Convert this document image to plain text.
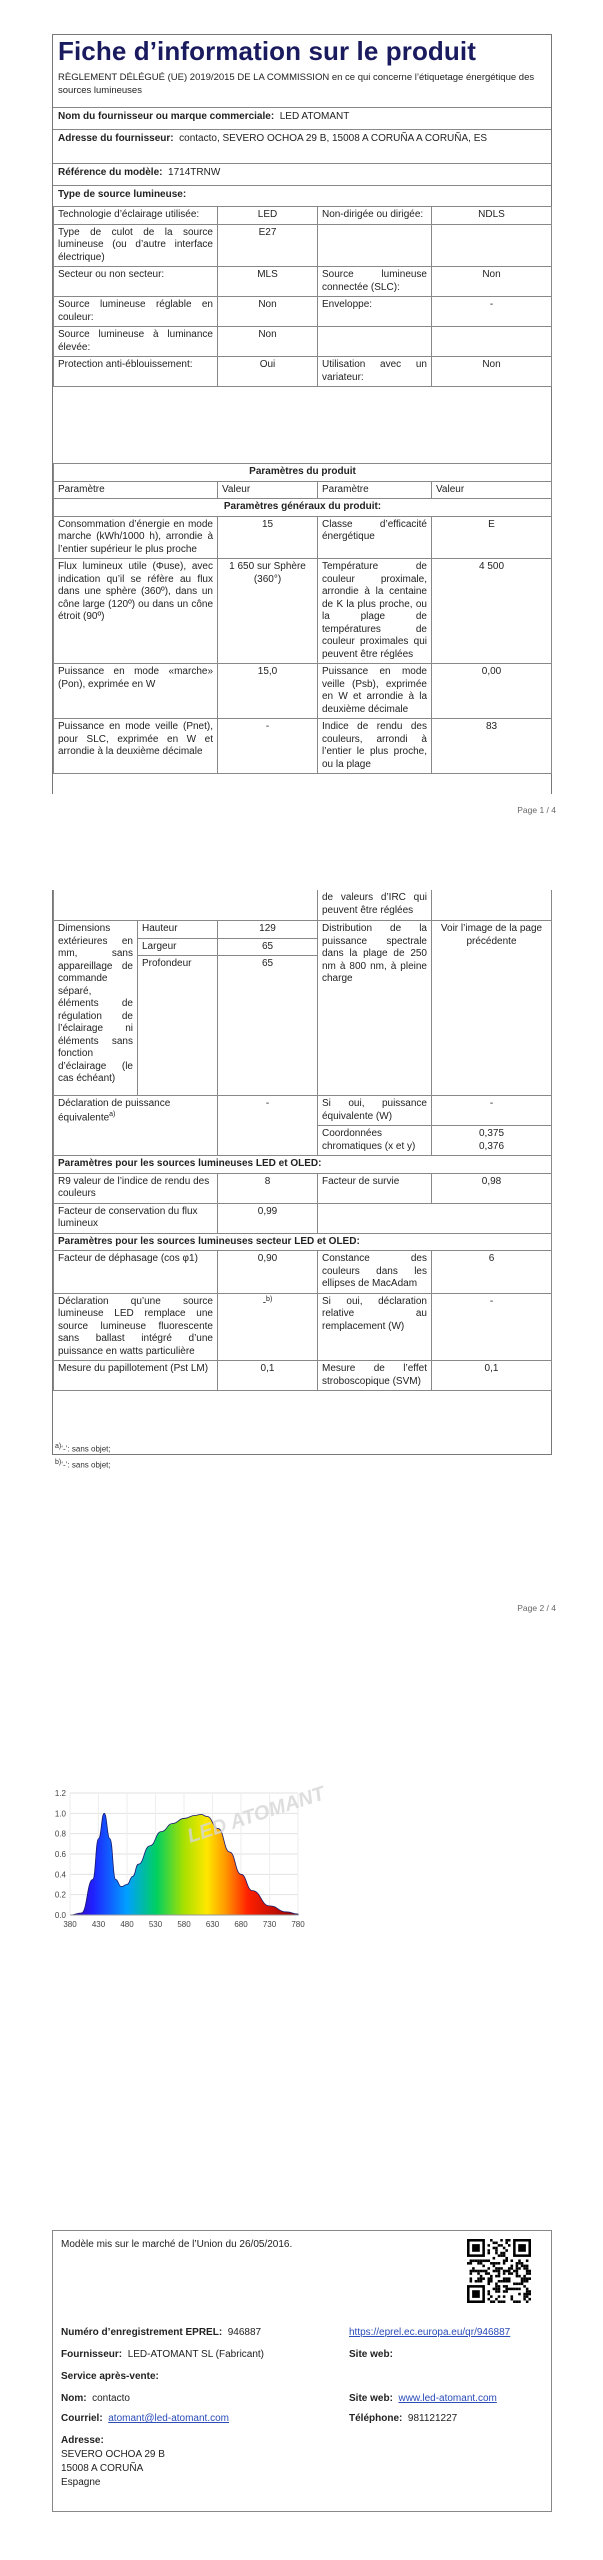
Fiche d’information sur le produit
RÈGLEMENT DÉLÉGUÉ (UE) 2019/2015 DE LA COMMISSION en ce qui concerne l’étiquetage énergétique des sources lumineuses
Nom du fournisseur ou marque commerciale: LED ATOMANT
Adresse du fournisseur: contacto, SEVERO OCHOA 29 B, 15008 A CORUÑA A CORUÑA, ES
Référence du modèle: 1714TRNW
Type de source lumineuse:
Technologie d’éclairage utilisée:	LED	Non-dirigée ou dirigée:	NDLS
Type de culot de la source lumineuse (ou d’autre interface électrique)	E27		
Secteur ou non secteur:	MLS	Source lumineuse connectée (SLC):	Non
Source lumineuse réglable en couleur:	Non	Enveloppe:	-
Source lumineuse à luminance élevée:	Non		
Protection anti-éblouissement:	Oui	Utilisation avec un variateur:	Non
Paramètres du produit			
Paramètre	Valeur	Paramètre	Valeur
Paramètres généraux du produit:			
Consommation d’énergie en mode marche (kWh/1000 h), arrondie à l’entier supérieur le plus proche	15	Classe d’efficacité énergétique	E
Flux lumineux utile (Φuse), avec indication qu’il se réfère au flux dans une sphère (360º), dans un cône large (120º) ou dans un cône étroit (90º)	1 650 sur Sphère (360°)	Température de couleur proximale, arrondie à la centaine de K la plus proche, ou la plage de températures de couleur proximales qui peuvent être réglées	4 500
Puissance en mode «marche» (Pon), exprimée en W	15,0	Puissance en mode veille (Psb), exprimée en W et arrondie à la deuxième décimale	0,00
Puissance en mode veille (Pnet), pour SLC, exprimée en W et arrondie à la deuxième décimale	-	Indice de rendu des couleurs, arrondi à l’entier le plus proche, ou la plage	83
Page 1 / 4
			de valeurs d’IRC qui peuvent être réglées	
Dimensions extérieures en mm, sans appareillage de commande séparé, éléments de régulation de l’éclairage ni éléments sans fonction d’éclairage (le cas échéant)	Hauteur	129	Distribution de la puissance spectrale dans la plage de 250 nm à 800 nm, à pleine charge	Voir l’image de la page précédente
	Largeur	65		
	Profondeur	65		
Déclaration de puissance équivalente$^{a)}$		-	Si oui, puissance équivalente (W)	-
			Coordonnées chromatiques (x et y)	0,375
0,376
Paramètres pour les sources lumineuses LED et OLED:				
R9 valeur de l’indice de rendu des couleurs		8	Facteur de survie	0,98
Facteur de conservation du flux lumineux		0,99		
Paramètres pour les sources lumineuses secteur LED et OLED:				
Facteur de déphasage (cos φ1)		0,90	Constance des couleurs dans les ellipses de MacAdam	6
Déclaration qu’une source lumineuse LED remplace une source lumineuse fluorescente sans ballast intégré d’une puissance en watts particulière		-$^{b)}$	Si oui, déclaration relative au remplacement (W)	-
Mesure du papillotement (Pst LM)		0,1	Mesure de l’effet stroboscopique (SVM)	0,1
$^{a)}$‘-’: sans objet;
$^{b)}$‘-’: sans objet;
Page 2 / 4
0.0
0.2
0.4
0.6
0.8
1.0
1.2
380 430 480 530 580 630 680 730 780
LED ATOMANT
Modèle mis sur le marché de l’Union du 26/05/2016.
Numéro d’enregistrement EPREL: 946887	https://eprel.ec.europa.eu/qr/946887
Fournisseur: LED-ATOMANT SL (Fabricant)	Site web:
Service après-vente:
Nom: contacto	Site web: www.led-atomant.com
Courriel: atomant@led-atomant.com	Téléphone: 981121227
Adresse:
SEVERO OCHOA 29 B
15008 A CORUÑA
Espagne
